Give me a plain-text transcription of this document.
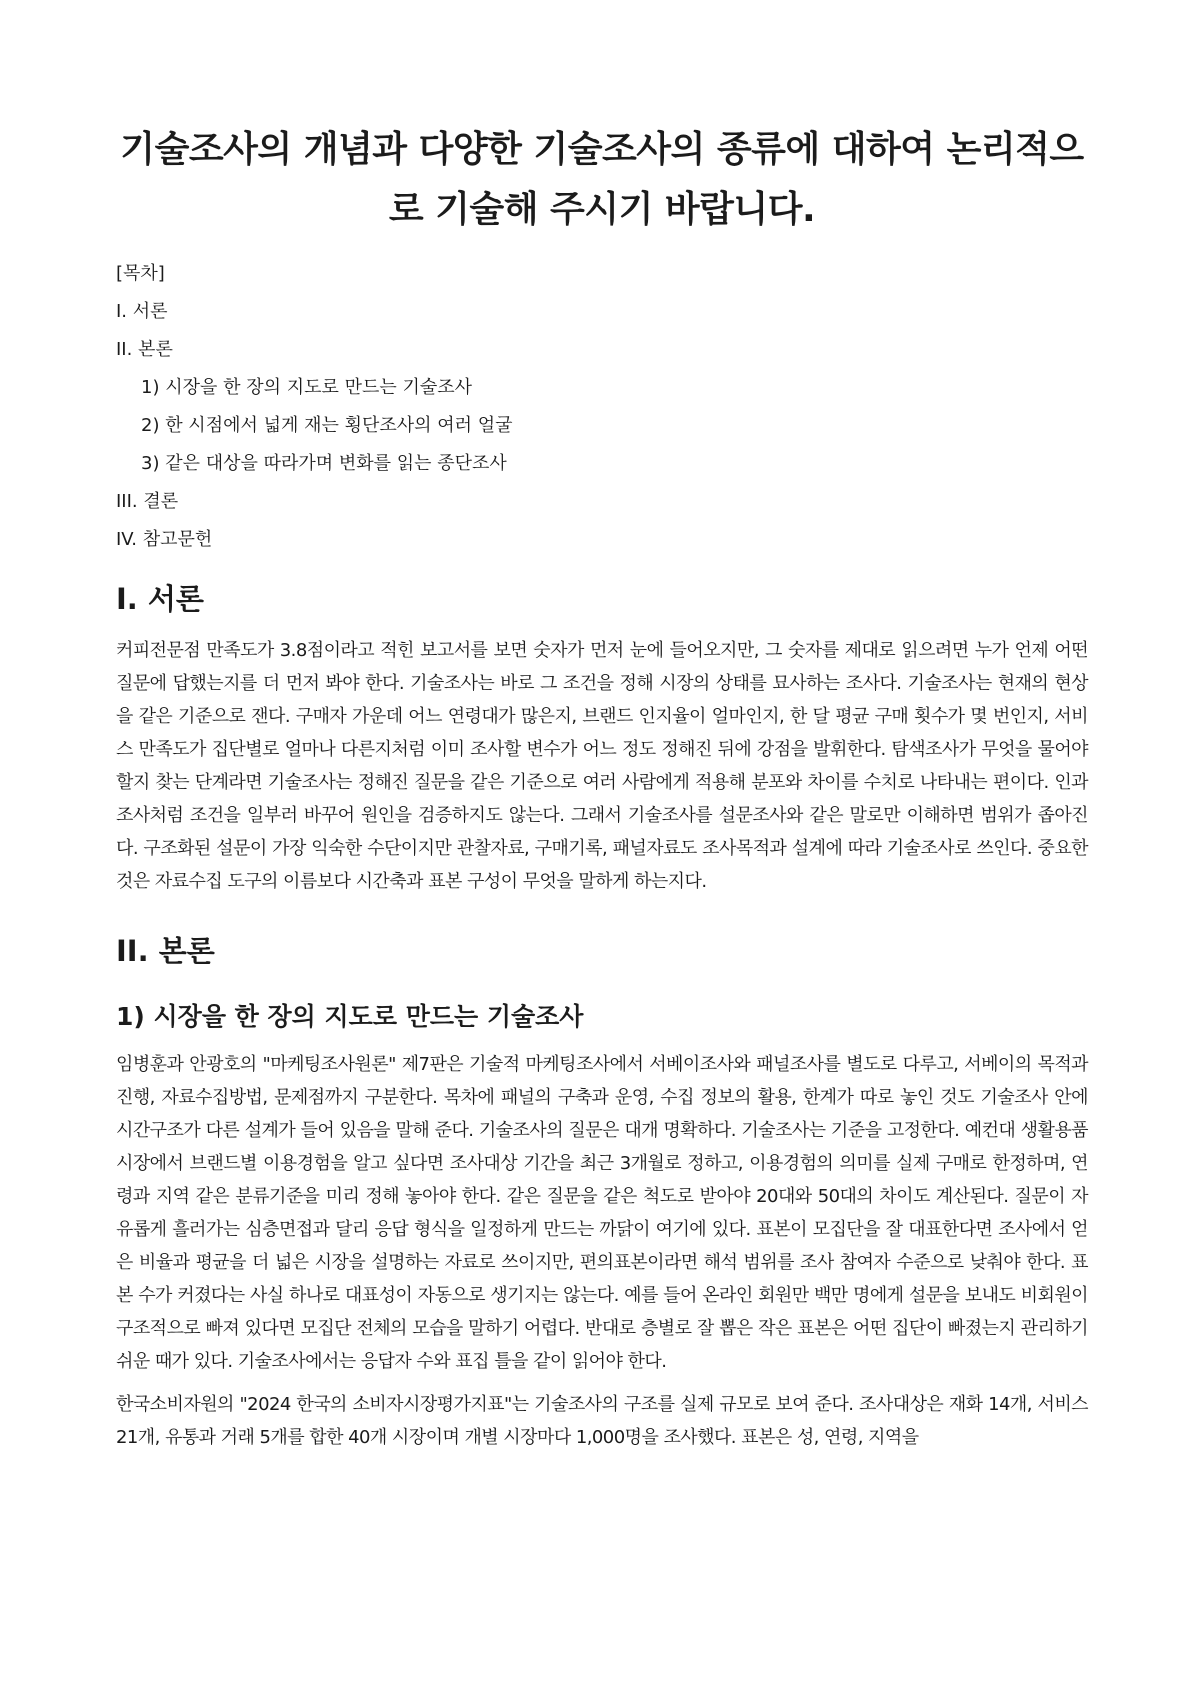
기술조사의 개념과 다양한 기술조사의 종류에 대하여 논리적으로 기술해 주시기 바랍니다.
[목차]
I. 서론
II. 본론
1) 시장을 한 장의 지도로 만드는 기술조사
2) 한 시점에서 넓게 재는 횡단조사의 여러 얼굴
3) 같은 대상을 따라가며 변화를 읽는 종단조사
III. 결론
IV. 참고문헌
I. 서론

커피전문점 만족도가 3.8점이라고 적힌 보고서를 보면 숫자가 먼저 눈에 들어오지만, 그 숫자를 제대로 읽으려면 누가 언제 어떤 질문에 답했는지를 더 먼저 봐야 한다. 기술조사는 바로 그 조건을 정해 시장의 상태를 묘사하는 조사다. 기술조사는 현재의 현상을 같은 기준으로 잰다. 구매자 가운데 어느 연령대가 많은지, 브랜드 인지율이 얼마인지, 한 달 평균 구매 횟수가 몇 번인지, 서비스 만족도가 집단별로 얼마나 다른지처럼 이미 조사할 변수가 어느 정도 정해진 뒤에 강점을 발휘한다. 탐색조사가 무엇을 물어야 할지 찾는 단계라면 기술조사는 정해진 질문을 같은 기준으로 여러 사람에게 적용해 분포와 차이를 수치로 나타내는 편이다. 인과조사처럼 조건을 일부러 바꾸어 원인을 검증하지도 않는다. 그래서 기술조사를 설문조사와 같은 말로만 이해하면 범위가 좁아진다. 구조화된 설문이 가장 익숙한 수단이지만 관찰자료, 구매기록, 패널자료도 조사목적과 설계에 따라 기술조사로 쓰인다. 중요한 것은 자료수집 도구의 이름보다 시간축과 표본 구성이 무엇을 말하게 하는지다.

II. 본론
1) 시장을 한 장의 지도로 만드는 기술조사

임병훈과 안광호의 "마케팅조사원론" 제7판은 기술적 마케팅조사에서 서베이조사와 패널조사를 별도로 다루고, 서베이의 목적과 진행, 자료수집방법, 문제점까지 구분한다. 목차에 패널의 구축과 운영, 수집 정보의 활용, 한계가 따로 놓인 것도 기술조사 안에 시간구조가 다른 설계가 들어 있음을 말해 준다. 기술조사의 질문은 대개 명확하다. 기술조사는 기준을 고정한다. 예컨대 생활용품 시장에서 브랜드별 이용경험을 알고 싶다면 조사대상 기간을 최근 3개월로 정하고, 이용경험의 의미를 실제 구매로 한정하며, 연령과 지역 같은 분류기준을 미리 정해 놓아야 한다. 같은 질문을 같은 척도로 받아야 20대와 50대의 차이도 계산된다. 질문이 자유롭게 흘러가는 심층면접과 달리 응답 형식을 일정하게 만드는 까닭이 여기에 있다. 표본이 모집단을 잘 대표한다면 조사에서 얻은 비율과 평균을 더 넓은 시장을 설명하는 자료로 쓰이지만, 편의표본이라면 해석 범위를 조사 참여자 수준으로 낮춰야 한다. 표본 수가 커졌다는 사실 하나로 대표성이 자동으로 생기지는 않는다. 예를 들어 온라인 회원만 백만 명에게 설문을 보내도 비회원이 구조적으로 빠져 있다면 모집단 전체의 모습을 말하기 어렵다. 반대로 층별로 잘 뽑은 작은 표본은 어떤 집단이 빠졌는지 관리하기 쉬운 때가 있다. 기술조사에서는 응답자 수와 표집 틀을 같이 읽어야 한다.

한국소비자원의 "2024 한국의 소비자시장평가지표"는 기술조사의 구조를 실제 규모로 보여 준다. 조사대상은 재화 14개, 서비스 21개, 유통과 거래 5개를 합한 40개 시장이며 개별 시장마다 1,000명을 조사했다. 표본은 성, 연령, 지역을
